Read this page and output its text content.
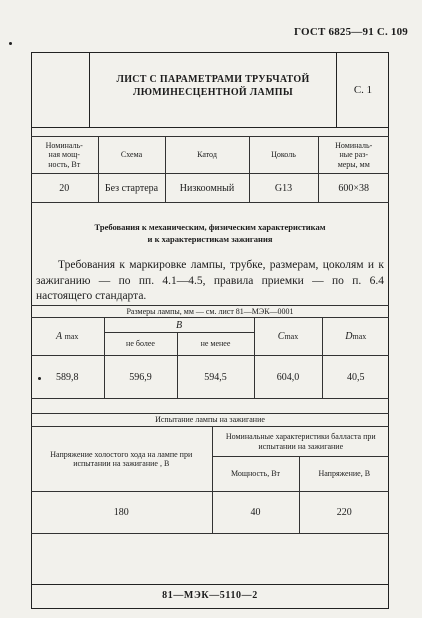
ГОСТ 6825—91 С. 109
ЛИСТ С ПАРАМЕТРАМИ ТРУБЧАТОЙ
ЛЮМИНЕСЦЕНТНОЙ ЛАМПЫ	С. 1
Номиналь-
ная мощ-
ность, Вт	Схема	Катод	Цоколь	Номиналь-
ные раз-
меры, мм
20	Без стартера	Низкоомный	G13	600×38
Требования к механическим, физическим характеристикам
и к характеристикам зажигания
Требования к маркировке лампы, трубке, размерам, цоколям и к зажиганию — по пп. 4.1—4.5, правила приемки — по п. 6.4 настоящего стандарта.
Размеры лампы, мм — см. лист 81—МЭК—0001				
A max	B		Cmax	Dmax
	не более	не менее		

589,8	596,9	594,5	604,0	40,5
Испытание лампы на зажигание		
Напряжение холостого хода на лампе при испытании на зажигание , В	Номинальные характеристики балласта при испытании на зажигание	
	Мощность, Вт	Напряжение, В
180	40	220
81—МЭК—5110—2
